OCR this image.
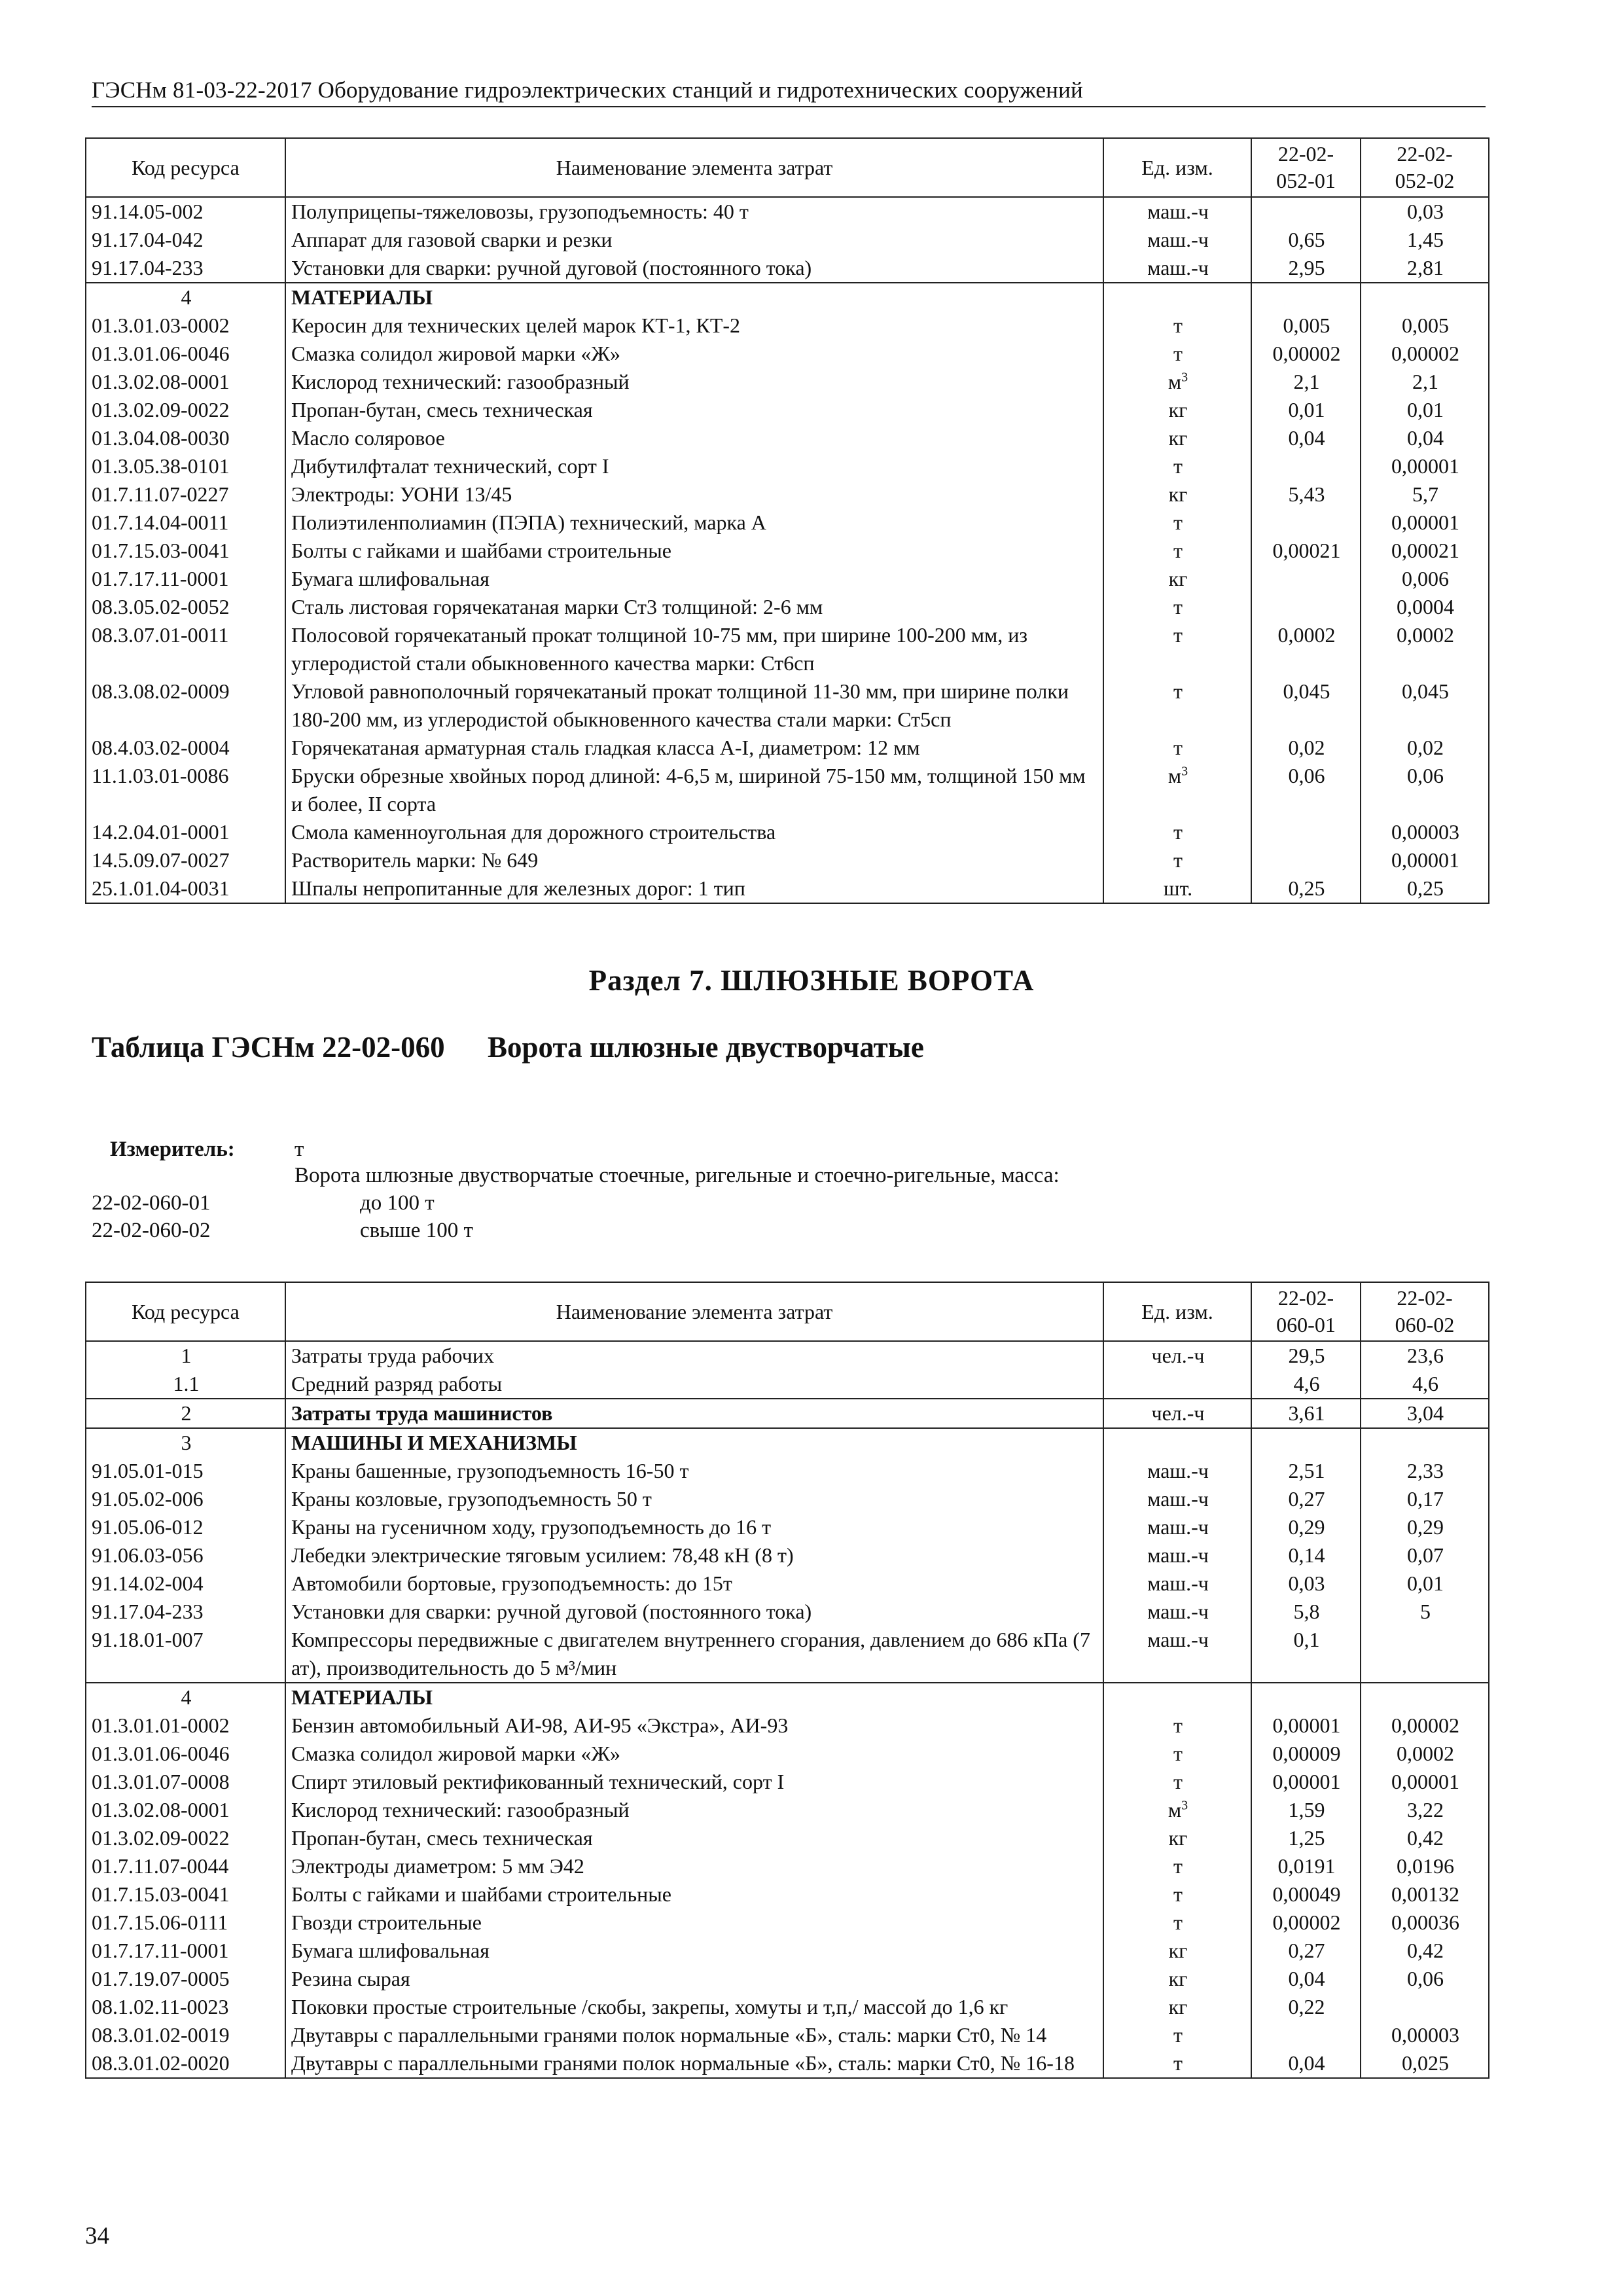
ГЭСНм 81-03-22-2017 Оборудование гидроэлектрических станций и гидротехнических сооружений
Код ресурса	Наименование элемента затрат	Ед. изм.	22-02-
052-01	22-02-
052-02
91.14.05-002	Полуприцепы-тяжеловозы, грузоподъемность: 40 т	маш.-ч		0,03
91.17.04-042	Аппарат для газовой сварки и резки	маш.-ч	0,65	1,45
91.17.04-233	Установки для сварки: ручной дуговой (постоянного тока)	маш.-ч	2,95	2,81
4	МАТЕРИАЛЫ			
01.3.01.03-0002	Керосин для технических целей марок КТ-1, КТ-2	т	0,005	0,005
01.3.01.06-0046	Смазка солидол жировой марки «Ж»	т	0,00002	0,00002
01.3.02.08-0001	Кислород технический: газообразный	$м^3$	2,1	2,1
01.3.02.09-0022	Пропан-бутан, смесь техническая	кг	0,01	0,01
01.3.04.08-0030	Масло соляровое	кг	0,04	0,04
01.3.05.38-0101	Дибутилфталат технический, сорт I	т		0,00001
01.7.11.07-0227	Электроды: УОНИ 13/45	кг	5,43	5,7
01.7.14.04-0011	Полиэтиленполиамин (ПЭПА) технический, марка А	т		0,00001
01.7.15.03-0041	Болты с гайками и шайбами строительные	т	0,00021	0,00021
01.7.17.11-0001	Бумага шлифовальная	кг		0,006
08.3.05.02-0052	Сталь листовая горячекатаная марки Ст3 толщиной: 2-6 мм	т		0,0004
08.3.07.01-0011	Полосовой горячекатаный прокат толщиной 10-75 мм, при ширине 100-200 мм, из углеродистой стали обыкновенного качества марки: Ст6сп	т	0,0002	0,0002
08.3.08.02-0009	Угловой равнополочный горячекатаный прокат толщиной 11-30 мм, при ширине полки 180-200 мм, из углеродистой обыкновенного качества стали марки: Ст5сп	т	0,045	0,045
08.4.03.02-0004	Горячекатаная арматурная сталь гладкая класса А-I, диаметром: 12 мм	т	0,02	0,02
11.1.03.01-0086	Бруски обрезные хвойных пород длиной: 4-6,5 м, шириной 75-150 мм, толщиной 150 мм и более, II сорта	$м^3$	0,06	0,06
14.2.04.01-0001	Смола каменноугольная для дорожного строительства	т		0,00003
14.5.09.07-0027	Растворитель марки: № 649	т		0,00001
25.1.01.04-0031	Шпалы непропитанные для железных дорог: 1 тип	шт.	0,25	0,25
Раздел 7. ШЛЮЗНЫЕ ВОРОТА
Таблица ГЭСНм 22-02-060	Ворота шлюзные двустворчатые
Измеритель:	т
Ворота шлюзные двустворчатые стоечные, ригельные и стоечно-ригельные, масса:
22-02-060-01	до 100 т
22-02-060-02	свыше 100 т
Код ресурса	Наименование элемента затрат	Ед. изм.	22-02-
060-01	22-02-
060-02
1	Затраты труда рабочих	чел.-ч	29,5	23,6
1.1	Средний разряд работы		4,6	4,6
2	Затраты труда машинистов	чел.-ч	3,61	3,04
3	МАШИНЫ И МЕХАНИЗМЫ			
91.05.01-015	Краны башенные, грузоподъемность 16-50 т	маш.-ч	2,51	2,33
91.05.02-006	Краны козловые, грузоподъемность 50 т	маш.-ч	0,27	0,17
91.05.06-012	Краны на гусеничном ходу, грузоподъемность до 16 т	маш.-ч	0,29	0,29
91.06.03-056	Лебедки электрические тяговым усилием: 78,48 кН (8 т)	маш.-ч	0,14	0,07
91.14.02-004	Автомобили бортовые, грузоподъемность: до 15т	маш.-ч	0,03	0,01
91.17.04-233	Установки для сварки: ручной дуговой (постоянного тока)	маш.-ч	5,8	5
91.18.01-007	Компрессоры передвижные с двигателем внутреннего сгорания, давлением до 686 кПа (7 ат), производительность до 5 м³/мин	маш.-ч	0,1	
4	МАТЕРИАЛЫ			
01.3.01.01-0002	Бензин автомобильный АИ-98, АИ-95 «Экстра», АИ-93	т	0,00001	0,00002
01.3.01.06-0046	Смазка солидол жировой марки «Ж»	т	0,00009	0,0002
01.3.01.07-0008	Спирт этиловый ректификованный технический, сорт I	т	0,00001	0,00001
01.3.02.08-0001	Кислород технический: газообразный	$м^3$	1,59	3,22
01.3.02.09-0022	Пропан-бутан, смесь техническая	кг	1,25	0,42
01.7.11.07-0044	Электроды диаметром: 5 мм Э42	т	0,0191	0,0196
01.7.15.03-0041	Болты с гайками и шайбами строительные	т	0,00049	0,00132
01.7.15.06-0111	Гвозди строительные	т	0,00002	0,00036
01.7.17.11-0001	Бумага шлифовальная	кг	0,27	0,42
01.7.19.07-0005	Резина сырая	кг	0,04	0,06
08.1.02.11-0023	Поковки простые строительные /скобы, закрепы, хомуты и т,п,/ массой до 1,6 кг	кг	0,22	
08.3.01.02-0019	Двутавры с параллельными гранями полок нормальные «Б», сталь: марки Ст0, № 14	т		0,00003
08.3.01.02-0020	Двутавры с параллельными гранями полок нормальные «Б», сталь: марки Ст0, № 16-18	т	0,04	0,025
34
